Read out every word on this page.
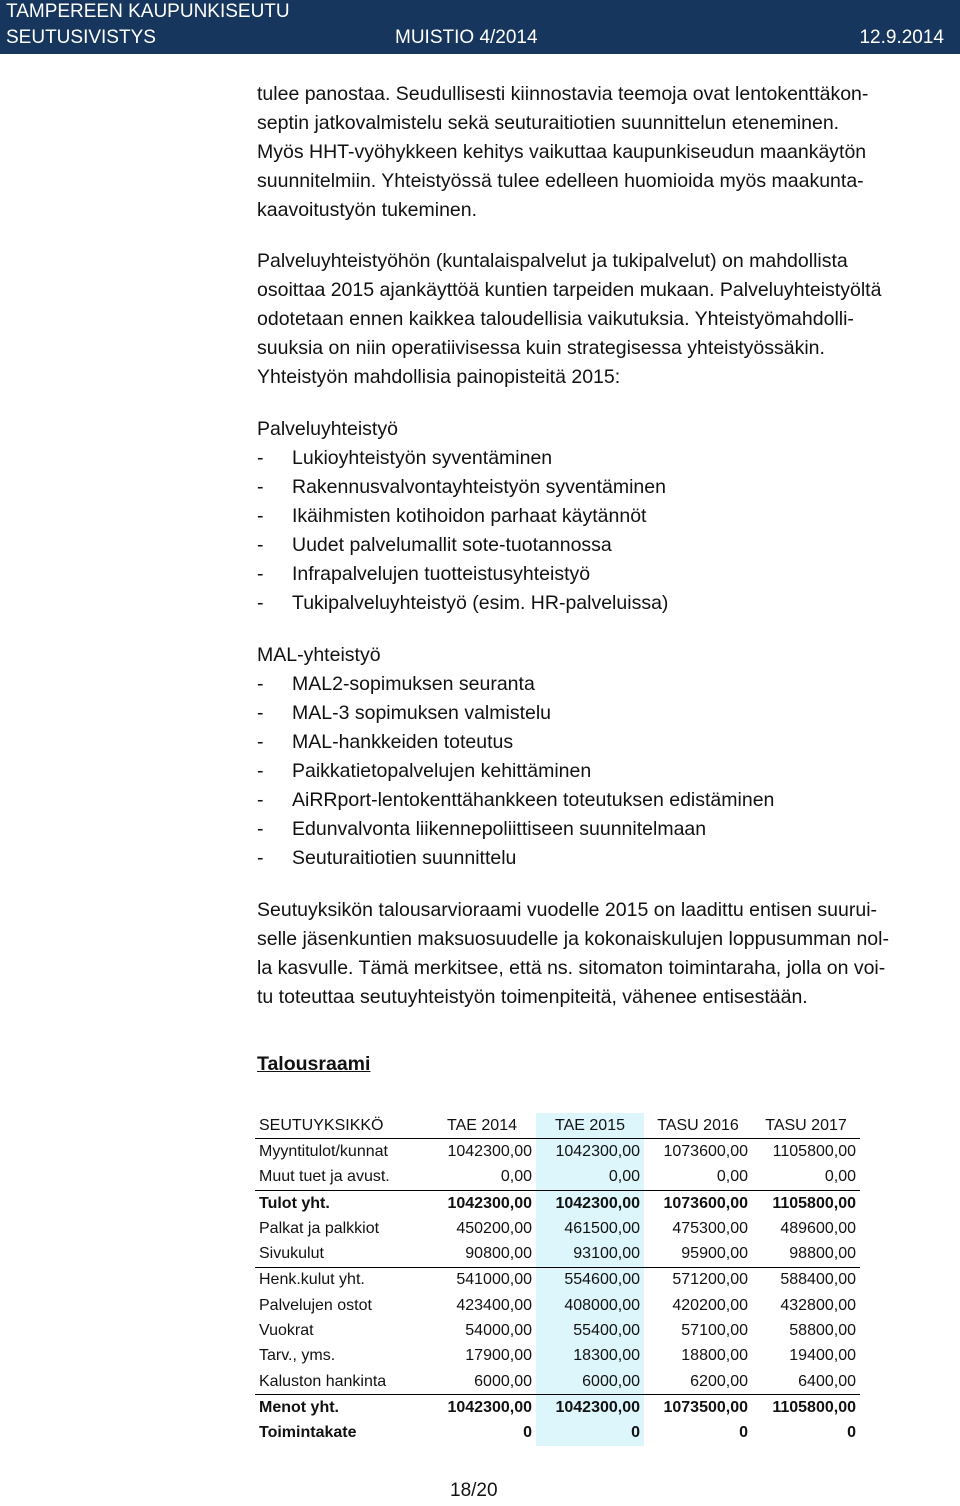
TAMPEREEN KAUPUNKISEUTU
SEUTUSIVISTYS	MUISTIO 4/2014	12.9.2014

tulee panostaa. Seudullisesti kiinnostavia teemoja ovat lentokenttäkon-

septin jatkovalmistelu sekä seuturaitiotien suunnittelun eteneminen.

Myös HHT-vyöhykkeen kehitys vaikuttaa kaupunkiseudun maankäytön

suunnitelmiin. Yhteistyössä tulee edelleen huomioida myös maakunta-

kaavoitustyön tukeminen.

Palveluyhteistyöhön (kuntalaispalvelut ja tukipalvelut) on mahdollista

osoittaa 2015 ajankäyttöä kuntien tarpeiden mukaan. Palveluyhteistyöltä

odotetaan ennen kaikkea taloudellisia vaikutuksia. Yhteistyömahdolli-

suuksia on niin operatiivisessa kuin strategisessa yhteistyössäkin.

Yhteistyön mahdollisia painopisteitä 2015:

Palveluyhteistyö

- Lukioyhteistyön syventäminen
- Rakennusvalvontayhteistyön syventäminen
- Ikäihmisten kotihoidon parhaat käytännöt
- Uudet palvelumallit sote-tuotannossa
- Infrapalvelujen tuotteistusyhteistyö
- Tukipalveluyhteistyö (esim. HR-palveluissa)

MAL-yhteistyö

- MAL2-sopimuksen seuranta
- MAL-3 sopimuksen valmistelu
- MAL-hankkeiden toteutus
- Paikkatietopalvelujen kehittäminen
- AiRRport-lentokenttähankkeen toteutuksen edistäminen
- Edunvalvonta liikennepoliittiseen suunnitelmaan
- Seuturaitiotien suunnittelu

Seutuyksikön talousarvioraami vuodelle 2015 on laadittu entisen suurui-

selle jäsenkuntien maksuosuudelle ja kokonaiskulujen loppusumman nol-

la kasvulle. Tämä merkitsee, että ns. sitomaton toimintaraha, jolla on voi-

tu toteuttaa seutuyhteistyön toimenpiteitä, vähenee entisestään.

Talousraami

SEUTUYKSIKKÖ	TAE 2014	TAE 2015	TASU 2016	TASU 2017
Myyntitulot/kunnat	1042300,00	1042300,00	1073600,00	1105800,00
Muut tuet ja avust.	0,00	0,00	0,00	0,00
Tulot yht.	1042300,00	1042300,00	1073600,00	1105800,00
Palkat ja palkkiot	450200,00	461500,00	475300,00	489600,00
Sivukulut	90800,00	93100,00	95900,00	98800,00
Henk.kulut yht.	541000,00	554600,00	571200,00	588400,00
Palvelujen ostot	423400,00	408000,00	420200,00	432800,00
Vuokrat	54000,00	55400,00	57100,00	58800,00
Tarv., yms.	17900,00	18300,00	18800,00	19400,00
Kaluston hankinta	6000,00	6000,00	6200,00	6400,00
Menot yht.	1042300,00	1042300,00	1073500,00	1105800,00
Toimintakate	0	0	0	0
18/20
